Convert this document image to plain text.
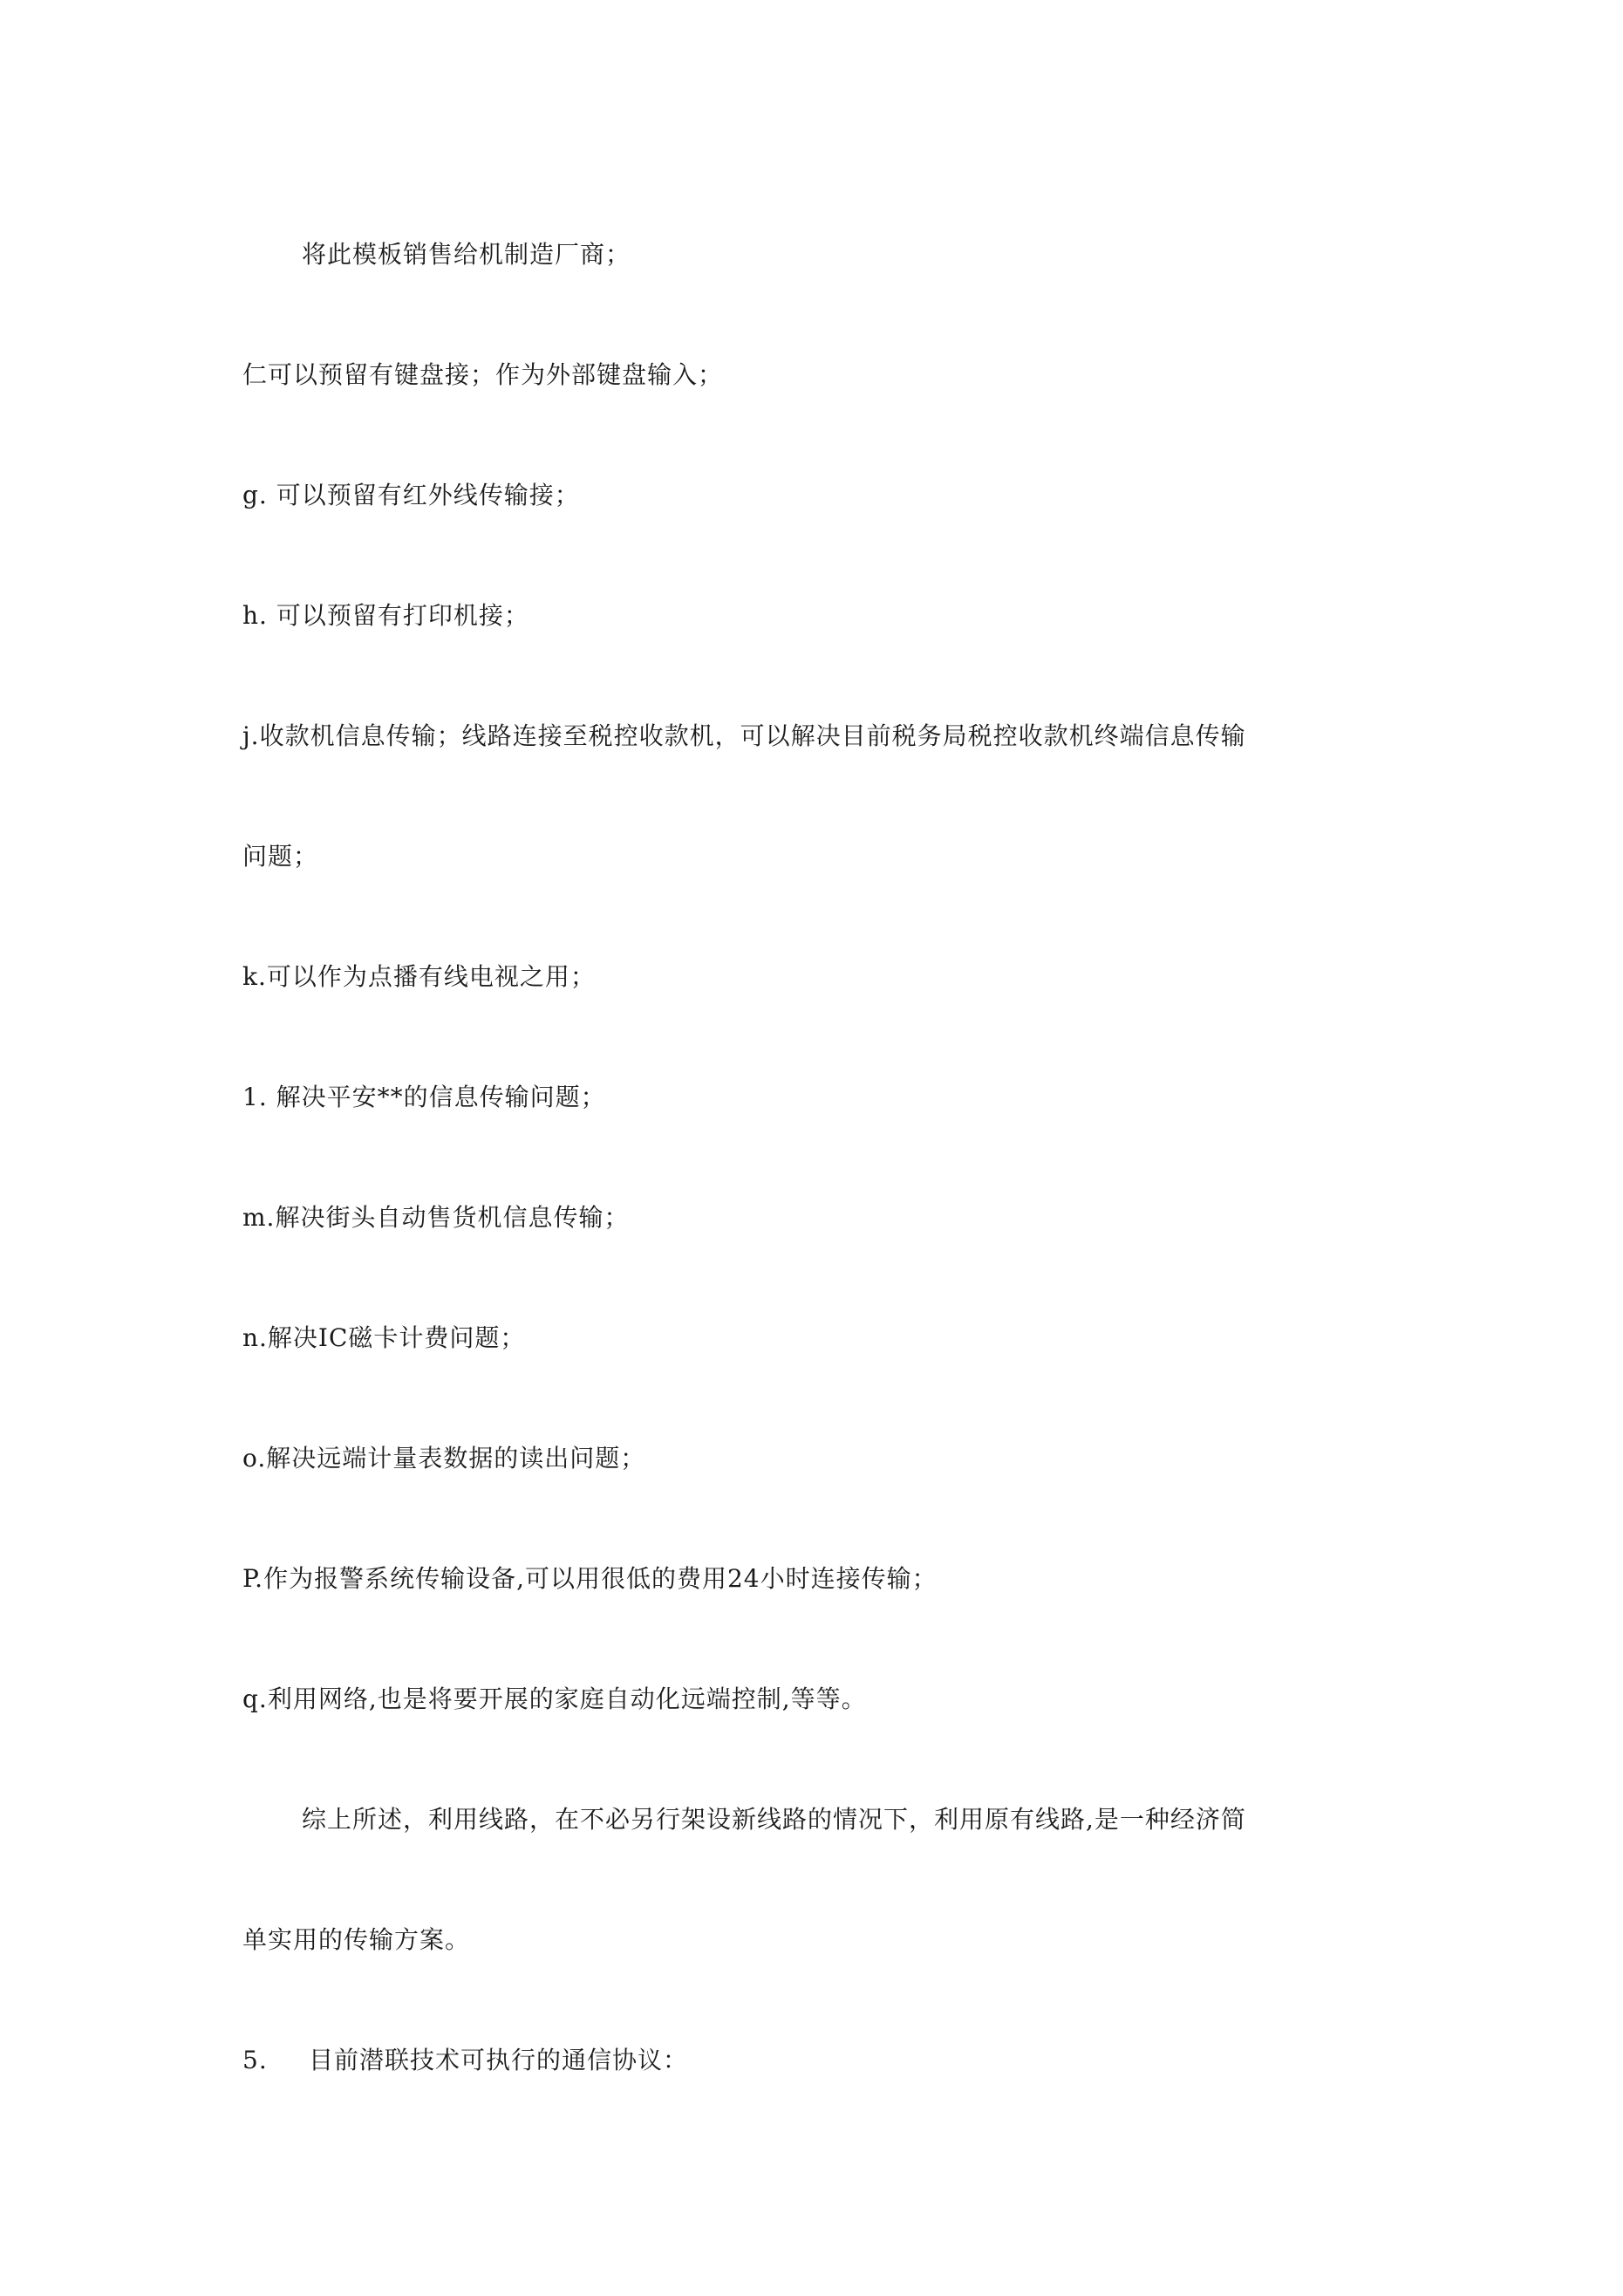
将此模板销售给机制造厂商；
仁可以预留有键盘接；作为外部键盘输入；
g. 可以预留有红外线传输接；
h. 可以预留有打印机接；
j.收款机信息传输；线路连接至税控收款机，可以解决目前税务局税控收款机终端信息传输
问题；
k.可以作为点播有线电视之用；
1. 解决平安**的信息传输问题；
m.解决街头自动售货机信息传输；
n.解决IC磁卡计费问题；
o.解决远端计量表数据的读出问题；
P.作为报警系统传输设备,可以用很低的费用24小时连接传输；
q.利用网络,也是将要开展的家庭自动化远端控制,等等。
综上所述，利用线路，在不必另行架设新线路的情况下，利用原有线路,是一种经济简
单实用的传输方案。
5. 目前潜联技术可执行的通信协议：
